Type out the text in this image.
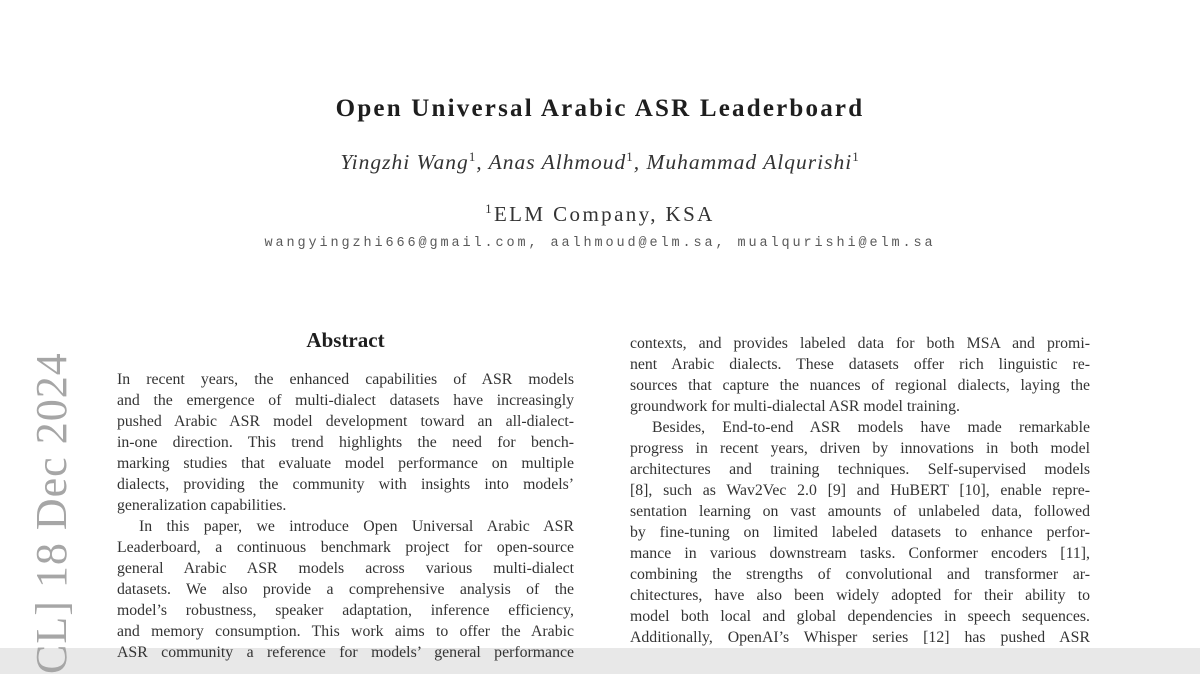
CL] 18 Dec 2024
Open Universal Arabic ASR Leaderboard
Yingzhi Wang$^1$, Anas Alhmoud$^1$, Muhammad Alqurishi$^1$
$^1$ELM Company, KSA
wangyingzhi666@gmail.com, aalhmoud@elm.sa, mualqurishi@elm.sa
Abstract
In recent years, the enhanced capabilities of ASR models
and the emergence of multi-dialect datasets have increasingly
pushed Arabic ASR model development toward an all-dialect-
in-one direction. This trend highlights the need for bench-
marking studies that evaluate model performance on multiple
dialects, providing the community with insights into models’
generalization capabilities.
In this paper, we introduce Open Universal Arabic ASR
Leaderboard, a continuous benchmark project for open-source
general Arabic ASR models across various multi-dialect
datasets. We also provide a comprehensive analysis of the
model’s robustness, speaker adaptation, inference efficiency,
and memory consumption. This work aims to offer the Arabic
ASR community a reference for models’ general performance
contexts, and provides labeled data for both MSA and promi-
nent Arabic dialects. These datasets offer rich linguistic re-
sources that capture the nuances of regional dialects, laying the
groundwork for multi-dialectal ASR model training.
Besides, End-to-end ASR models have made remarkable
progress in recent years, driven by innovations in both model
architectures and training techniques. Self-supervised models
[8], such as Wav2Vec 2.0 [9] and HuBERT [10], enable repre-
sentation learning on vast amounts of unlabeled data, followed
by fine-tuning on limited labeled datasets to enhance perfor-
mance in various downstream tasks. Conformer encoders [11],
combining the strengths of convolutional and transformer ar-
chitectures, have also been widely adopted for their ability to
model both local and global dependencies in speech sequences.
Additionally, OpenAI’s Whisper series [12] has pushed ASR
